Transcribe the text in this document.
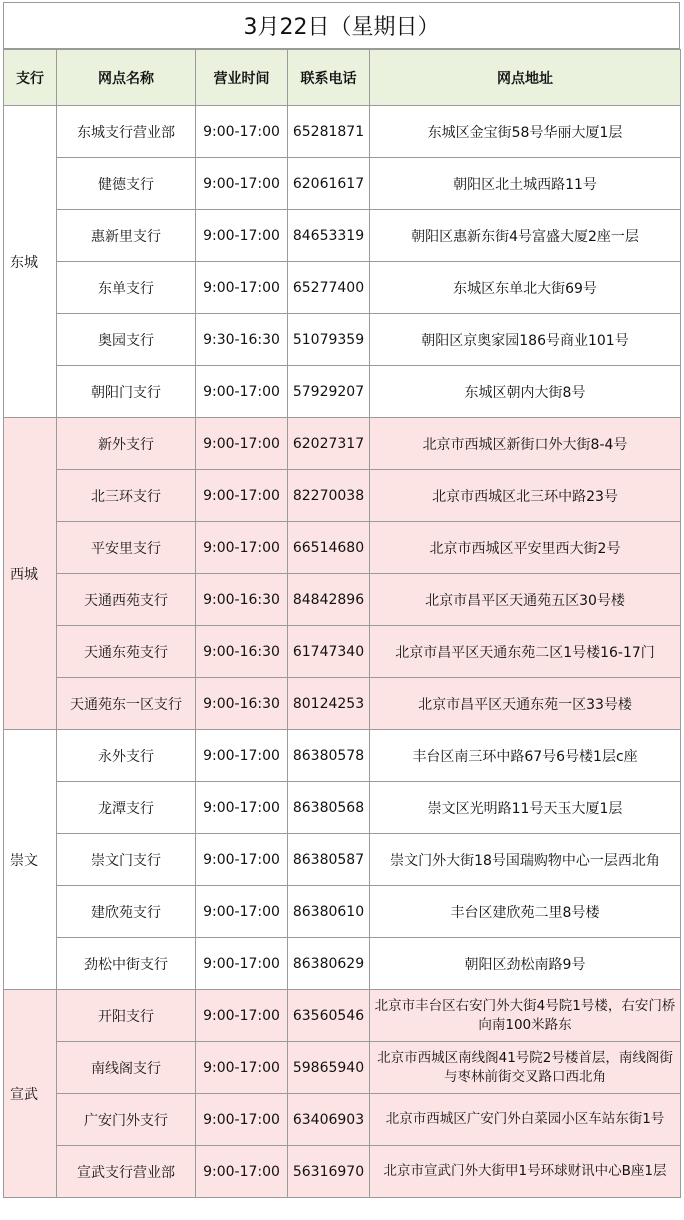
3月22日（星期日）
支行	网点名称	营业时间	联系电话	网点地址
东城	东城支行营业部	9:00-17:00	65281871	东城区金宝街58号华丽大厦1层
	健德支行	9:00-17:00	62061617	朝阳区北土城西路11号
	惠新里支行	9:00-17:00	84653319	朝阳区惠新东街4号富盛大厦2座一层
	东单支行	9:00-17:00	65277400	东城区东单北大街69号
	奥园支行	9:30-16:30	51079359	朝阳区京奥家园186号商业101号
	朝阳门支行	9:00-17:00	57929207	东城区朝内大街8号
西城	新外支行	9:00-17:00	62027317	北京市西城区新街口外大街8-4号
	北三环支行	9:00-17:00	82270038	北京市西城区北三环中路23号
	平安里支行	9:00-17:00	66514680	北京市西城区平安里西大街2号
	天通西苑支行	9:00-16:30	84842896	北京市昌平区天通苑五区30号楼
	天通东苑支行	9:00-16:30	61747340	北京市昌平区天通东苑二区1号楼16-17门
	天通苑东一区支行	9:00-16:30	80124253	北京市昌平区天通东苑一区33号楼
崇文	永外支行	9:00-17:00	86380578	丰台区南三环中路67号6号楼1层c座
	龙潭支行	9:00-17:00	86380568	崇文区光明路11号天玉大厦1层
	崇文门支行	9:00-17:00	86380587	崇文门外大街18号国瑞购物中心一层西北角
	建欣苑支行	9:00-17:00	86380610	丰台区建欣苑二里8号楼
	劲松中街支行	9:00-17:00	86380629	朝阳区劲松南路9号
宣武	开阳支行	9:00-17:00	63560546	北京市丰台区右安门外大街4号院1号楼，右安门桥向南100米路东
	南线阁支行	9:00-17:00	59865940	北京市西城区南线阁41号院2号楼首层，南线阁街与枣林前街交叉路口西北角
	广安门外支行	9:00-17:00	63406903	北京市西城区广安门外白菜园小区车站东街1号
	宣武支行营业部	9:00-17:00	56316970	北京市宣武门外大街甲1号环球财讯中心B座1层
